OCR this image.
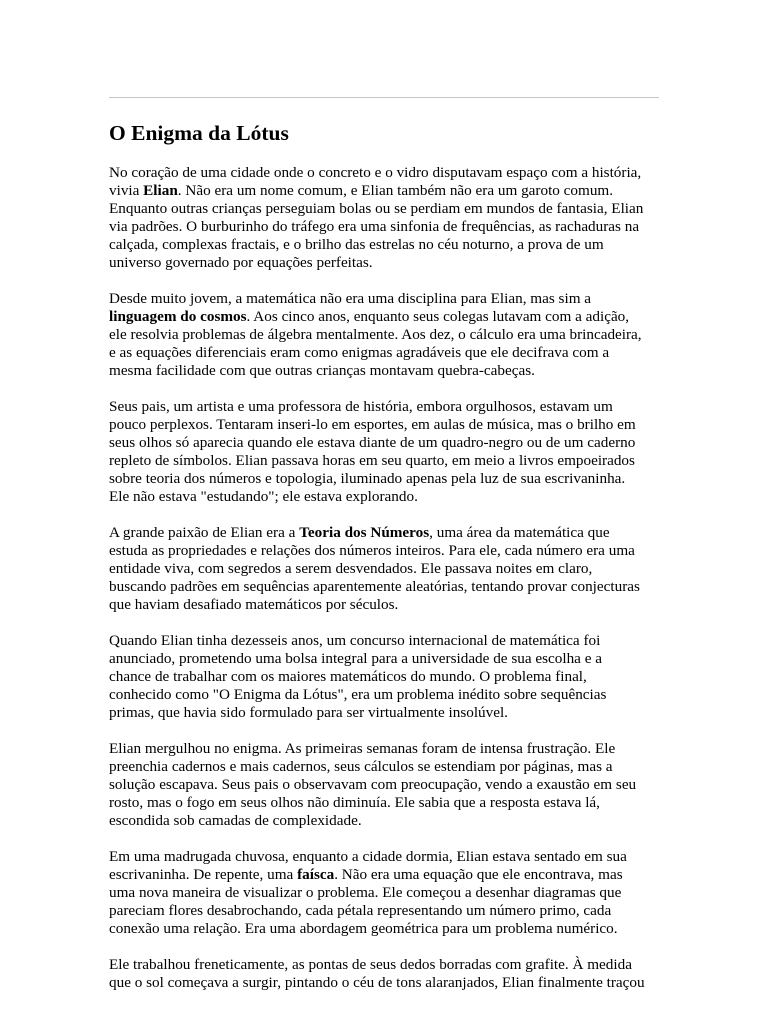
O Enigma da Lótus

No coração de uma cidade onde o concreto e o vidro disputavam espaço com a história,
vivia Elian. Não era um nome comum, e Elian também não era um garoto comum.
Enquanto outras crianças perseguiam bolas ou se perdiam em mundos de fantasia, Elian
via padrões. O burburinho do tráfego era uma sinfonia de frequências, as rachaduras na
calçada, complexas fractais, e o brilho das estrelas no céu noturno, a prova de um
universo governado por equações perfeitas.

Desde muito jovem, a matemática não era uma disciplina para Elian, mas sim a
linguagem do cosmos. Aos cinco anos, enquanto seus colegas lutavam com a adição,
ele resolvia problemas de álgebra mentalmente. Aos dez, o cálculo era uma brincadeira,
e as equações diferenciais eram como enigmas agradáveis que ele decifrava com a
mesma facilidade com que outras crianças montavam quebra-cabeças.

Seus pais, um artista e uma professora de história, embora orgulhosos, estavam um
pouco perplexos. Tentaram inseri-lo em esportes, em aulas de música, mas o brilho em
seus olhos só aparecia quando ele estava diante de um quadro-negro ou de um caderno
repleto de símbolos. Elian passava horas em seu quarto, em meio a livros empoeirados
sobre teoria dos números e topologia, iluminado apenas pela luz de sua escrivaninha.
Ele não estava "estudando"; ele estava explorando.

A grande paixão de Elian era a Teoria dos Números, uma área da matemática que
estuda as propriedades e relações dos números inteiros. Para ele, cada número era uma
entidade viva, com segredos a serem desvendados. Ele passava noites em claro,
buscando padrões em sequências aparentemente aleatórias, tentando provar conjecturas
que haviam desafiado matemáticos por séculos.

Quando Elian tinha dezesseis anos, um concurso internacional de matemática foi
anunciado, prometendo uma bolsa integral para a universidade de sua escolha e a
chance de trabalhar com os maiores matemáticos do mundo. O problema final,
conhecido como "O Enigma da Lótus", era um problema inédito sobre sequências
primas, que havia sido formulado para ser virtualmente insolúvel.

Elian mergulhou no enigma. As primeiras semanas foram de intensa frustração. Ele
preenchia cadernos e mais cadernos, seus cálculos se estendiam por páginas, mas a
solução escapava. Seus pais o observavam com preocupação, vendo a exaustão em seu
rosto, mas o fogo em seus olhos não diminuía. Ele sabia que a resposta estava lá,
escondida sob camadas de complexidade.

Em uma madrugada chuvosa, enquanto a cidade dormia, Elian estava sentado em sua
escrivaninha. De repente, uma faísca. Não era uma equação que ele encontrava, mas
uma nova maneira de visualizar o problema. Ele começou a desenhar diagramas que
pareciam flores desabrochando, cada pétala representando um número primo, cada
conexão uma relação. Era uma abordagem geométrica para um problema numérico.

Ele trabalhou freneticamente, as pontas de seus dedos borradas com grafite. À medida
que o sol começava a surgir, pintando o céu de tons alaranjados, Elian finalmente traçou
